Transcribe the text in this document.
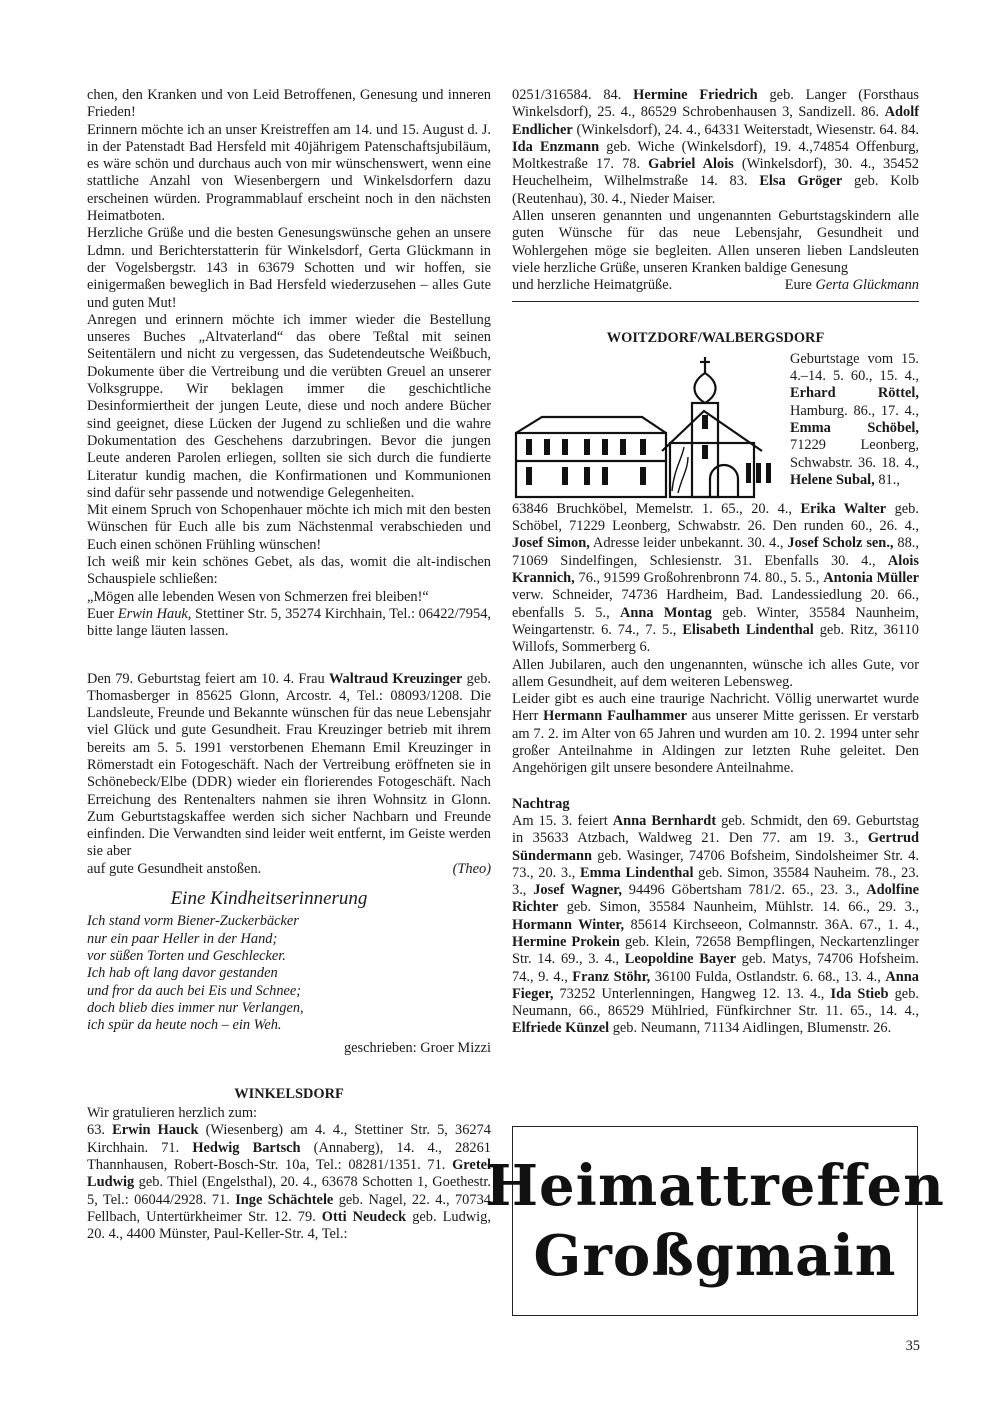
chen, den Kranken und von Leid Betroffenen, Genesung und inneren Frieden!

Erinnern möchte ich an unser Kreistreffen am 14. und 15. August d. J. in der Patenstadt Bad Hersfeld mit 40jährigem Patenschaftsjubiläum, es wäre schön und durchaus auch von mir wünschenswert, wenn eine stattliche Anzahl von Wiesenbergern und Winkelsdorfern dazu erscheinen würden. Programmablauf erscheint noch in den nächsten Heimatboten.

Herzliche Grüße und die besten Genesungswünsche gehen an unsere Ldmn. und Berichterstatterin für Winkelsdorf, Gerta Glückmann in der Vogelsbergstr. 143 in 63679 Schotten und wir hoffen, sie einigermaßen beweglich in Bad Hersfeld wiederzusehen – alles Gute und guten Mut!

Anregen und erinnern möchte ich immer wieder die Bestellung unseres Buches „Altvaterland“ das obere Teßtal mit seinen Seitentälern und nicht zu vergessen, das Sudetendeutsche Weißbuch, Dokumente über die Vertreibung und die verübten Greuel an unserer Volksgruppe. Wir beklagen immer die geschichtliche Desinformiertheit der jungen Leute, diese und noch andere Bücher sind geeignet, diese Lücken der Jugend zu schließen und die wahre Dokumentation des Geschehens darzubringen. Bevor die jungen Leute anderen Parolen erliegen, sollten sie sich durch die fundierte Literatur kundig machen, die Konfirmationen und Kommunionen sind dafür sehr passende und notwendige Gelegenheiten.

Mit einem Spruch von Schopenhauer möchte ich mich mit den besten Wünschen für Euch alle bis zum Nächstenmal verabschieden und Euch einen schönen Frühling wünschen!

Ich weiß mir kein schönes Gebet, als das, womit die alt-indischen Schauspiele schließen:

„Mögen alle lebenden Wesen von Schmerzen frei bleiben!“

Euer Erwin Hauk, Stettiner Str. 5, 35274 Kirchhain, Tel.: 06422/7954, bitte lange läuten lassen.

Den 79. Geburtstag feiert am 10. 4. Frau Waltraud Kreuzinger geb. Thomasberger in 85625 Glonn, Arcostr. 4, Tel.: 08093/1208. Die Landsleute, Freunde und Bekannte wünschen für das neue Lebensjahr viel Glück und gute Gesundheit. Frau Kreuzinger betrieb mit ihrem bereits am 5. 5. 1991 verstorbenen Ehemann Emil Kreuzinger in Römerstadt ein Fotogeschäft. Nach der Vertreibung eröffneten sie in Schönebeck/Elbe (DDR) wieder ein florierendes Fotogeschäft. Nach Erreichung des Rentenalters nahmen sie ihren Wohnsitz in Glonn. Zum Geburtstagskaffee werden sich sicher Nachbarn und Freunde einfinden. Die Verwandten sind leider weit entfernt, im Geiste werden sie aber

auf gute Gesundheit anstoßen.	(Theo)

Eine Kindheitserinnerung
Ich stand vorm Biener-Zuckerbäcker
nur ein paar Heller in der Hand;
vor süßen Torten und Geschlecker.
Ich hab oft lang davor gestanden
und fror da auch bei Eis und Schnee;
doch blieb dies immer nur Verlangen,
ich spür da heute noch – ein Weh.
geschrieben: Groer Mizzi
WINKELSDORF

Wir gratulieren herzlich zum:

63. Erwin Hauck (Wiesenberg) am 4. 4., Stettiner Str. 5, 36274 Kirchhain. 71. Hedwig Bartsch (Annaberg), 14. 4., 28261 Thannhausen, Robert-Bosch-Str. 10a, Tel.: 08281/1351. 71. Gretel Ludwig geb. Thiel (Engelsthal), 20. 4., 63678 Schotten 1, Goethestr. 5, Tel.: 06044/2928. 71. Inge Schächtele geb. Nagel, 22. 4., 70734 Fellbach, Untertürkheimer Str. 12. 79. Otti Neudeck geb. Ludwig, 20. 4., 4400 Münster, Paul-Keller-Str. 4, Tel.:

0251/316584. 84. Hermine Friedrich geb. Langer (Forsthaus Winkelsdorf), 25. 4., 86529 Schrobenhausen 3, Sandizell. 86. Adolf Endlicher (Winkelsdorf), 24. 4., 64331 Weiterstadt, Wiesenstr. 64. 84. Ida Enzmann geb. Wiche (Winkelsdorf), 19. 4.,74854 Offenburg, Moltkestraße 17. 78. Gabriel Alois (Winkelsdorf), 30. 4., 35452 Heuchelheim, Wilhelmstraße 14. 83. Elsa Gröger geb. Kolb (Reutenhau), 30. 4., Nieder Maiser.

Allen unseren genannten und ungenannten Geburtstagskindern alle guten Wünsche für das neue Lebensjahr, Gesundheit und Wohlergehen möge sie begleiten. Allen unseren lieben Landsleuten viele herzliche Grüße, unseren Kranken baldige Genesung

und herzliche Heimatgrüße.	Eure Gerta Glückmann

WOITZDORF/WALBERGSDORF
Geburtstage vom 15. 4.–14. 5. 60., 15. 4., Erhard Röttel, Hamburg. 86., 17. 4., Emma Schöbel, 71229 Leonberg, Schwabstr. 36. 18. 4., Helene Subal, 81.,

63846 Bruchköbel, Memelstr. 1. 65., 20. 4., Erika Walter geb. Schöbel, 71229 Leonberg, Schwabstr. 26. Den runden 60., 26. 4., Josef Simon, Adresse leider unbekannt. 30. 4., Josef Scholz sen., 88., 71069 Sindelfingen, Schlesienstr. 31. Ebenfalls 30. 4., Alois Krannich, 76., 91599 Großohrenbronn 74. 80., 5. 5., Antonia Müller verw. Schneider, 74736 Hardheim, Bad. Landessiedlung 20. 66., ebenfalls 5. 5., Anna Montag geb. Winter, 35584 Naunheim, Weingartenstr. 6. 74., 7. 5., Elisabeth Lindenthal geb. Ritz, 36110 Willofs, Sommerberg 6.

Allen Jubilaren, auch den ungenannten, wünsche ich alles Gute, vor allem Gesundheit, auf dem weiteren Lebensweg.

Leider gibt es auch eine traurige Nachricht. Völlig unerwartet wurde Herr Hermann Faulhammer aus unserer Mitte gerissen. Er verstarb am 7. 2. im Alter von 65 Jahren und wurden am 10. 2. 1994 unter sehr großer Anteilnahme in Aldingen zur letzten Ruhe geleitet. Den Angehörigen gilt unsere besondere Anteilnahme.

Nachtrag

Am 15. 3. feiert Anna Bernhardt geb. Schmidt, den 69. Geburtstag in 35633 Atzbach, Waldweg 21. Den 77. am 19. 3., Gertrud Sündermann geb. Wasinger, 74706 Bofsheim, Sindolsheimer Str. 4. 73., 20. 3., Emma Lindenthal geb. Simon, 35584 Nauheim. 78., 23. 3., Josef Wagner, 94496 Göbertsham 781/2. 65., 23. 3., Adolfine Richter geb. Simon, 35584 Naunheim, Mühlstr. 14. 66., 29. 3., Hormann Winter, 85614 Kirchseeon, Colmannstr. 36A. 67., 1. 4., Hermine Prokein geb. Klein, 72658 Bempflingen, Neckartenzlinger Str. 14. 69., 3. 4., Leopoldine Bayer geb. Matys, 74706 Hofsheim. 74., 9. 4., Franz Stöhr, 36100 Fulda, Ostlandstr. 6. 68., 13. 4., Anna Fieger, 73252 Unterlenningen, Hangweg 12. 13. 4., Ida Stieb geb. Neumann, 66., 86529 Mühlried, Fünfkirchner Str. 11. 65., 14. 4., Elfriede Künzel geb. Neumann, 71134 Aidlingen, Blumenstr. 26.

Heimattreffen
Großgmain
35
